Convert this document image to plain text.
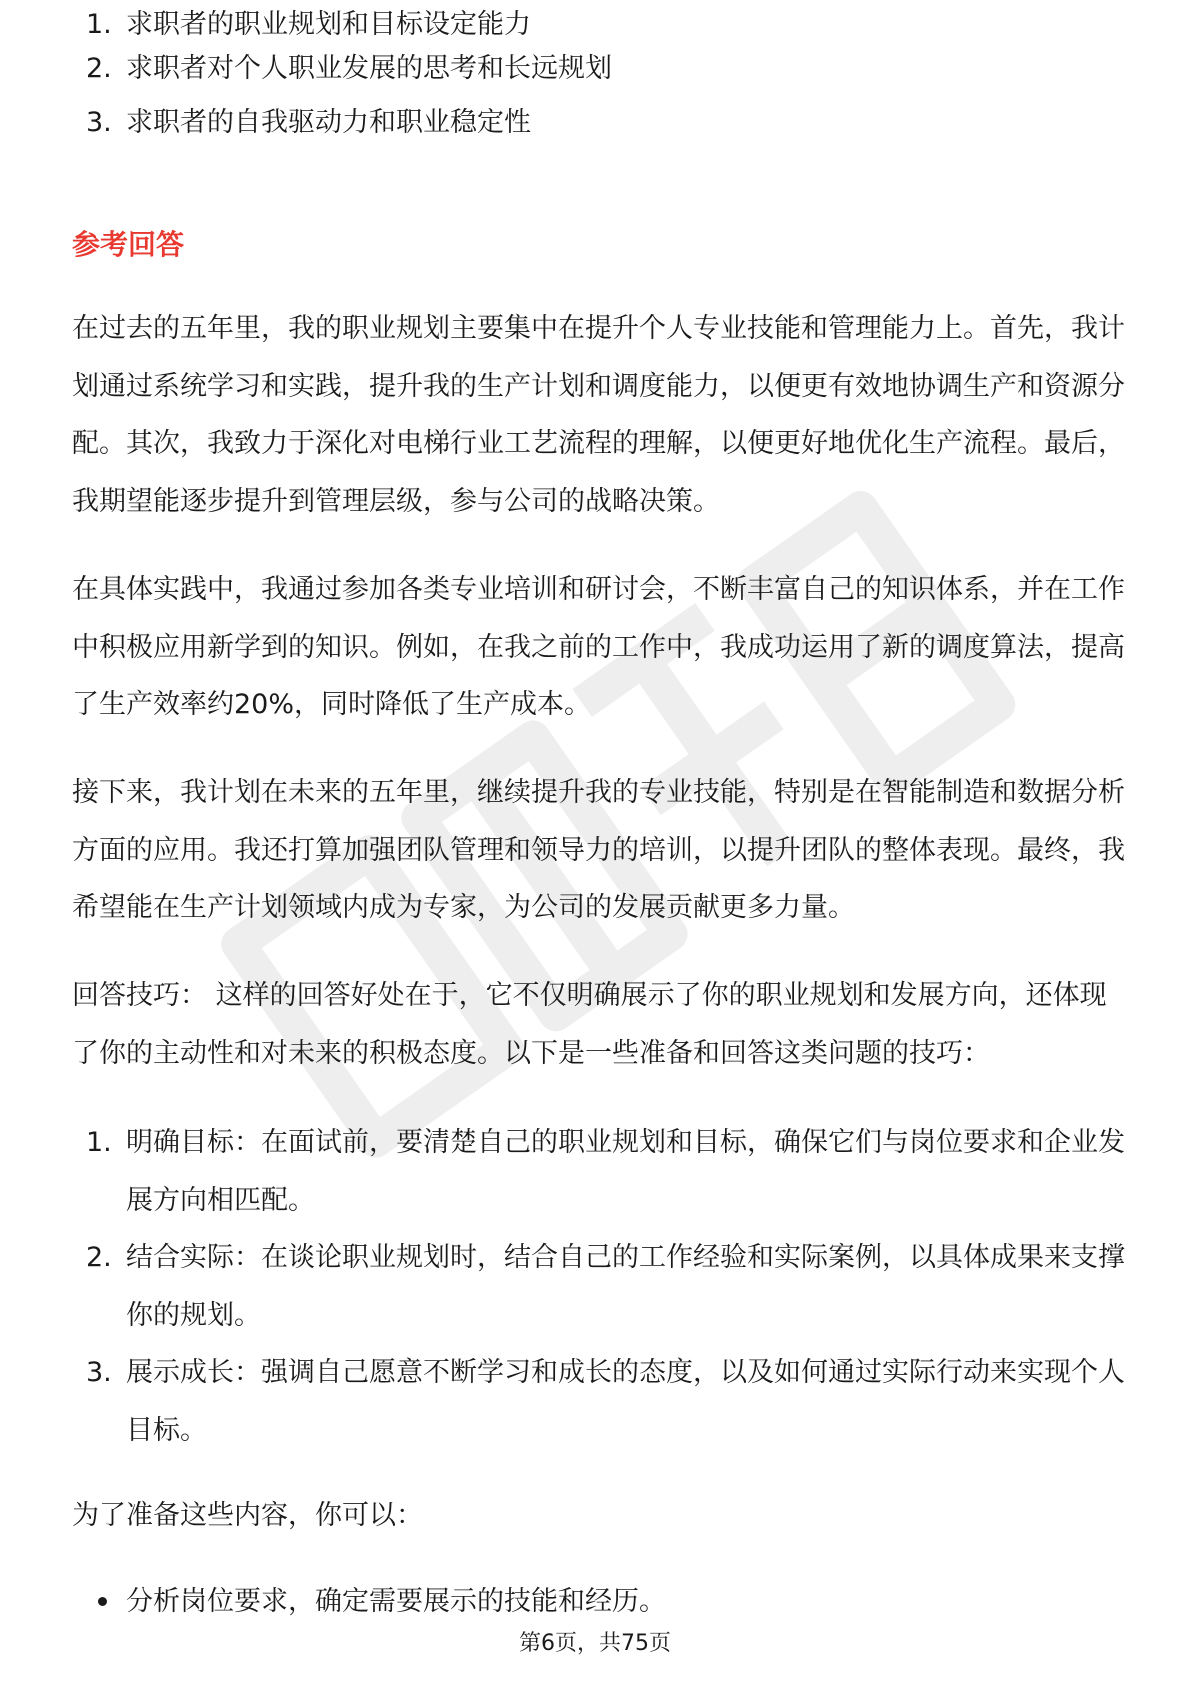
1. 求职者的职业规划和目标设定能力
2. 求职者对个人职业发展的思考和长远规划
3. 求职者的自我驱动力和职业稳定性
参考回答
在过去的五年里，我的职业规划主要集中在提升个人专业技能和管理能力上。首先，我计划通过系统学习和实践，提升我的生产计划和调度能力，以便更有效地协调生产和资源分配。其次，我致力于深化对电梯行业工艺流程的理解，以便更好地优化生产流程。最后，我期望能逐步提升到管理层级，参与公司的战略决策。
在具体实践中，我通过参加各类专业培训和研讨会，不断丰富自己的知识体系，并在工作中积极应用新学到的知识。例如，在我之前的工作中，我成功运用了新的调度算法，提高了生产效率约20%，同时降低了生产成本。
接下来，我计划在未来的五年里，继续提升我的专业技能，特别是在智能制造和数据分析方面的应用。我还打算加强团队管理和领导力的培训，以提升团队的整体表现。最终，我希望能在生产计划领域内成为专家，为公司的发展贡献更多力量。
回答技巧： 这样的回答好处在于，它不仅明确展示了你的职业规划和发展方向，还体现了你的主动性和对未来的积极态度。以下是一些准备和回答这类问题的技巧：
1. 明确目标：在面试前，要清楚自己的职业规划和目标，确保它们与岗位要求和企业发展方向相匹配。
2. 结合实际：在谈论职业规划时，结合自己的工作经验和实际案例，以具体成果来支撑你的规划。
3. 展示成长：强调自己愿意不断学习和成长的态度，以及如何通过实际行动来实现个人目标。
为了准备这些内容，你可以：
分析岗位要求，确定需要展示的技能和经历。
第6页，共75页
